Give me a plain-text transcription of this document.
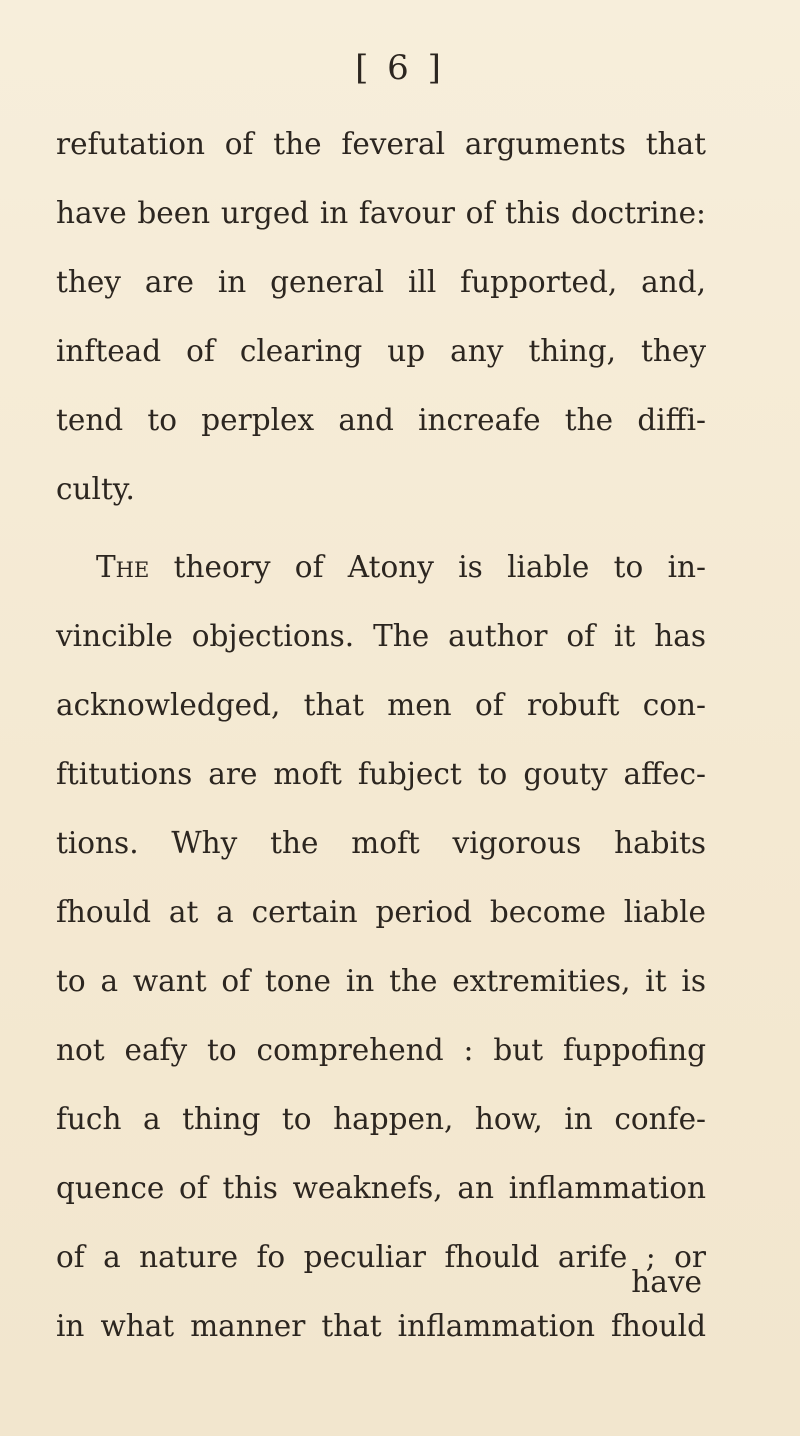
[ 6 ]
refutation of the feveral arguments that
have been urged in favour of this doctrine:
they are in general ill fupported, and,
inftead of clearing up any thing, they
tend to perplex and increafe the diffi-
culty.
The theory of Atony is liable to in-
vincible objections. The author of it has
acknowledged, that men of robuft con-
ftitutions are moft fubject to gouty affec-
tions. Why the moft vigorous habits
fhould at a certain period become liable
to a want of tone in the extremities, it is
not eafy to comprehend : but fuppofing
fuch a thing to happen, how, in confe-
quence of this weaknefs, an inflammation
of a nature fo peculiar fhould arife ; or
in what manner that inflammation fhould
have
